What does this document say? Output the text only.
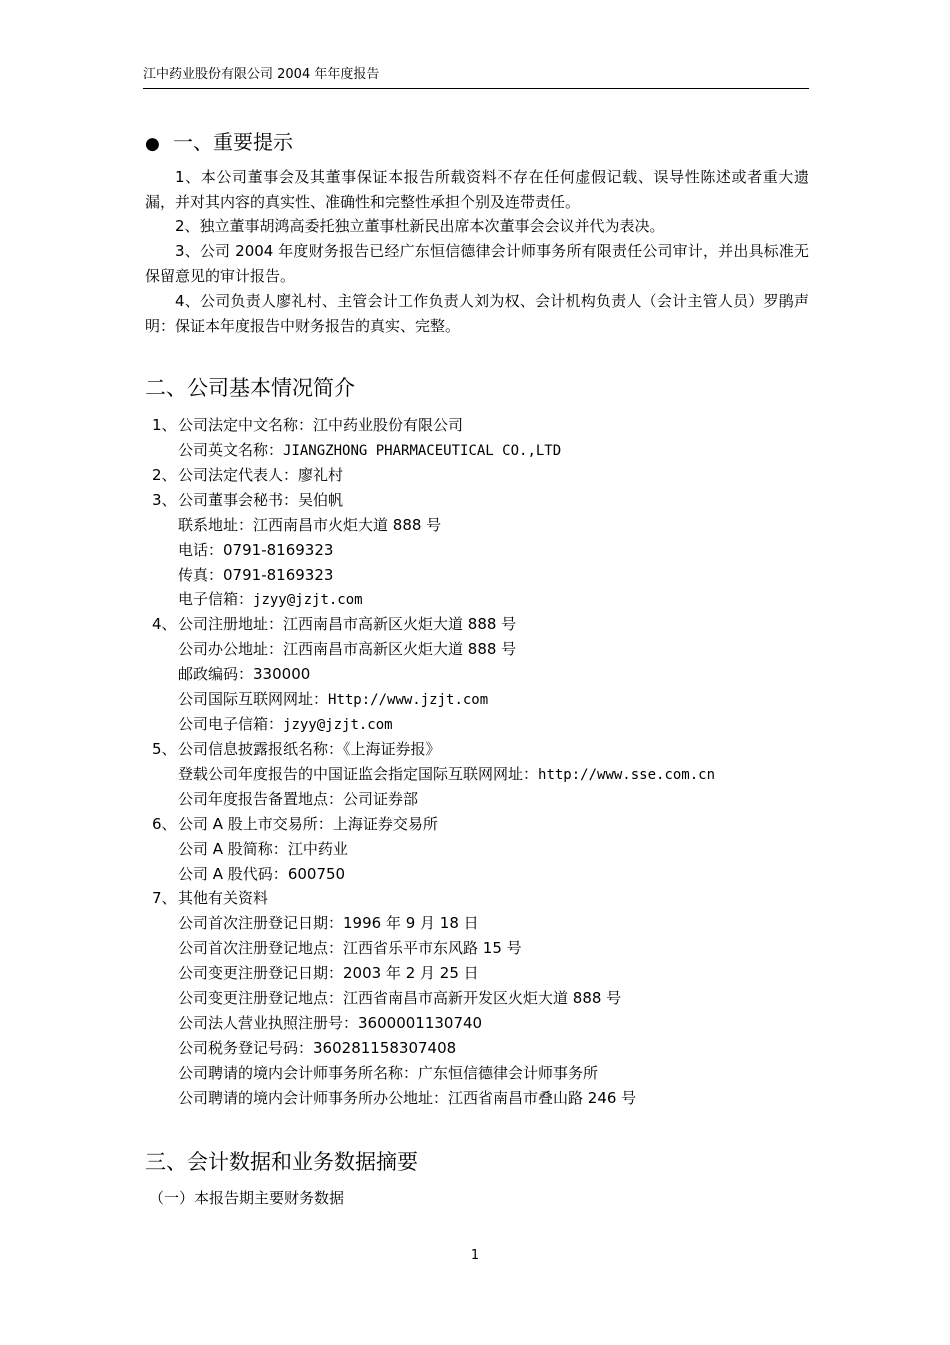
江中药业股份有限公司 2004 年年度报告
● 一、重要提示
1、本公司董事会及其董事保证本报告所载资料不存在任何虚假记载、误导性陈述或者重大遗漏，并对其内容的真实性、准确性和完整性承担个别及连带责任。
2、独立董事胡鸿高委托独立董事杜新民出席本次董事会会议并代为表决。
3、公司 2004 年度财务报告已经广东恒信德律会计师事务所有限责任公司审计，并出具标准无保留意见的审计报告。
4、公司负责人廖礼村、主管会计工作负责人刘为权、会计机构负责人（会计主管人员）罗鹃声明：保证本年度报告中财务报告的真实、完整。
二、公司基本情况简介
1、公司法定中文名称：江中药业股份有限公司
公司英文名称：JIANGZHONG PHARMACEUTICAL CO.,LTD
2、公司法定代表人：廖礼村
3、公司董事会秘书：吴伯帆
联系地址：江西南昌市火炬大道 888 号
电话：0791-8169323
传真：0791-8169323
电子信箱：jzyy@jzjt.com
4、公司注册地址：江西南昌市高新区火炬大道 888 号
公司办公地址：江西南昌市高新区火炬大道 888 号
邮政编码：330000
公司国际互联网网址：Http://www.jzjt.com
公司电子信箱：jzyy@jzjt.com
5、公司信息披露报纸名称：《上海证券报》
登载公司年度报告的中国证监会指定国际互联网网址：http://www.sse.com.cn
公司年度报告备置地点：公司证券部
6、公司 A 股上市交易所：上海证券交易所
公司 A 股简称：江中药业
公司 A 股代码：600750
7、其他有关资料
公司首次注册登记日期：1996 年 9 月 18 日
公司首次注册登记地点：江西省乐平市东风路 15 号
公司变更注册登记日期：2003 年 2 月 25 日
公司变更注册登记地点：江西省南昌市高新开发区火炬大道 888 号
公司法人营业执照注册号：3600001130740
公司税务登记号码：360281158307408
公司聘请的境内会计师事务所名称：广东恒信德律会计师事务所
公司聘请的境内会计师事务所办公地址：江西省南昌市叠山路 246 号
三、会计数据和业务数据摘要
（一）本报告期主要财务数据
1
